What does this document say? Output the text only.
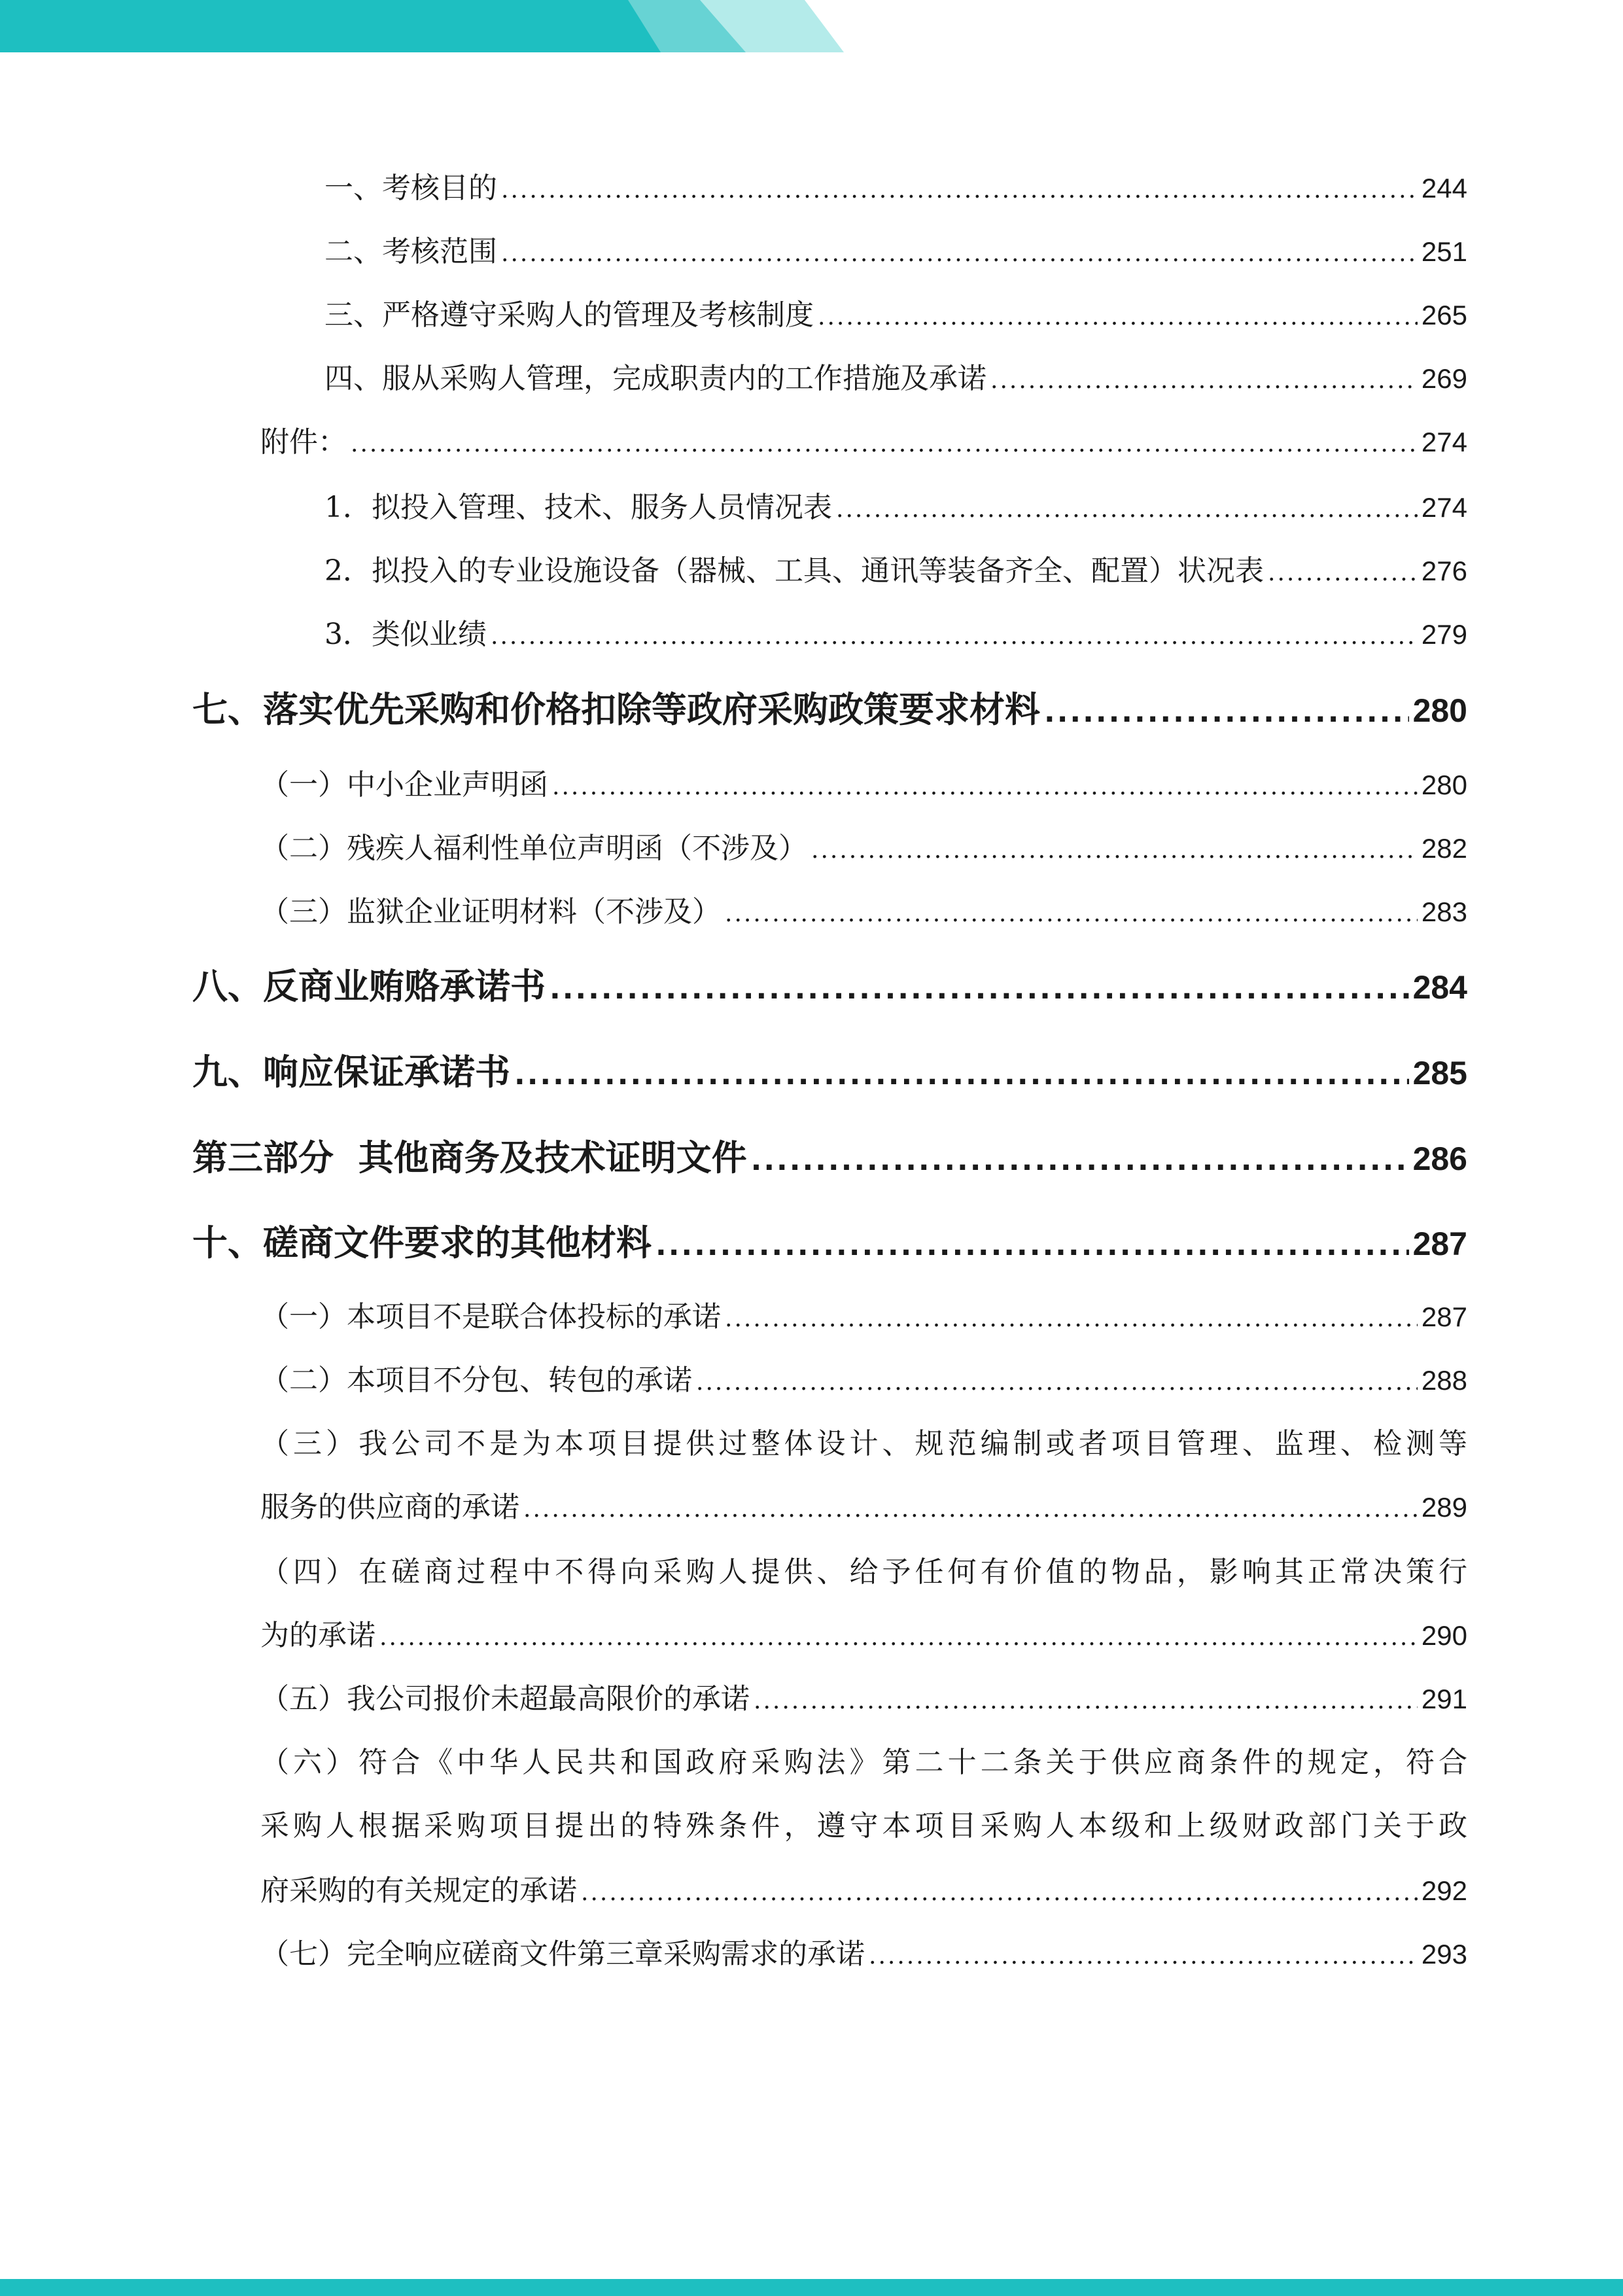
一、考核目的 .....	244
二、考核范围 .....	251
三、严格遵守采购人的管理及考核制度 .....	265
四、服从采购人管理，完成职责内的工作措施及承诺 .....	269
附件： .....	274
1．拟投入管理、技术、服务人员情况表 .....	274
2．拟投入的专业设施设备（器械、工具、通讯等装备齐全、配置）状况表 .....	276
3．类似业绩 .....	279
七、落实优先采购和价格扣除等政府采购政策要求材料 .....	280
（一）中小企业声明函 .....	280
（二）残疾人福利性单位声明函（不涉及） .....	282
（三）监狱企业证明材料（不涉及） .....	283
八、反商业贿赂承诺书 .....	284
九、响应保证承诺书 .....	285
第三部分  其他商务及技术证明文件 .....	286
十、磋商文件要求的其他材料 .....	287
（一）本项目不是联合体投标的承诺 .....	287
（二）本项目不分包、转包的承诺 .....	288
（三）我公司不是为本项目提供过整体设计、规范编制或者项目管理、监理、检测等
服务的供应商的承诺 .....	289
（四）在磋商过程中不得向采购人提供、给予任何有价值的物品，影响其正常决策行
为的承诺 .....	290
（五）我公司报价未超最高限价的承诺 .....	291
（六）符合《中华人民共和国政府采购法》第二十二条关于供应商条件的规定，符合
采购人根据采购项目提出的特殊条件，遵守本项目采购人本级和上级财政部门关于政
府采购的有关规定的承诺 .....	292
（七）完全响应磋商文件第三章采购需求的承诺 .....	293
